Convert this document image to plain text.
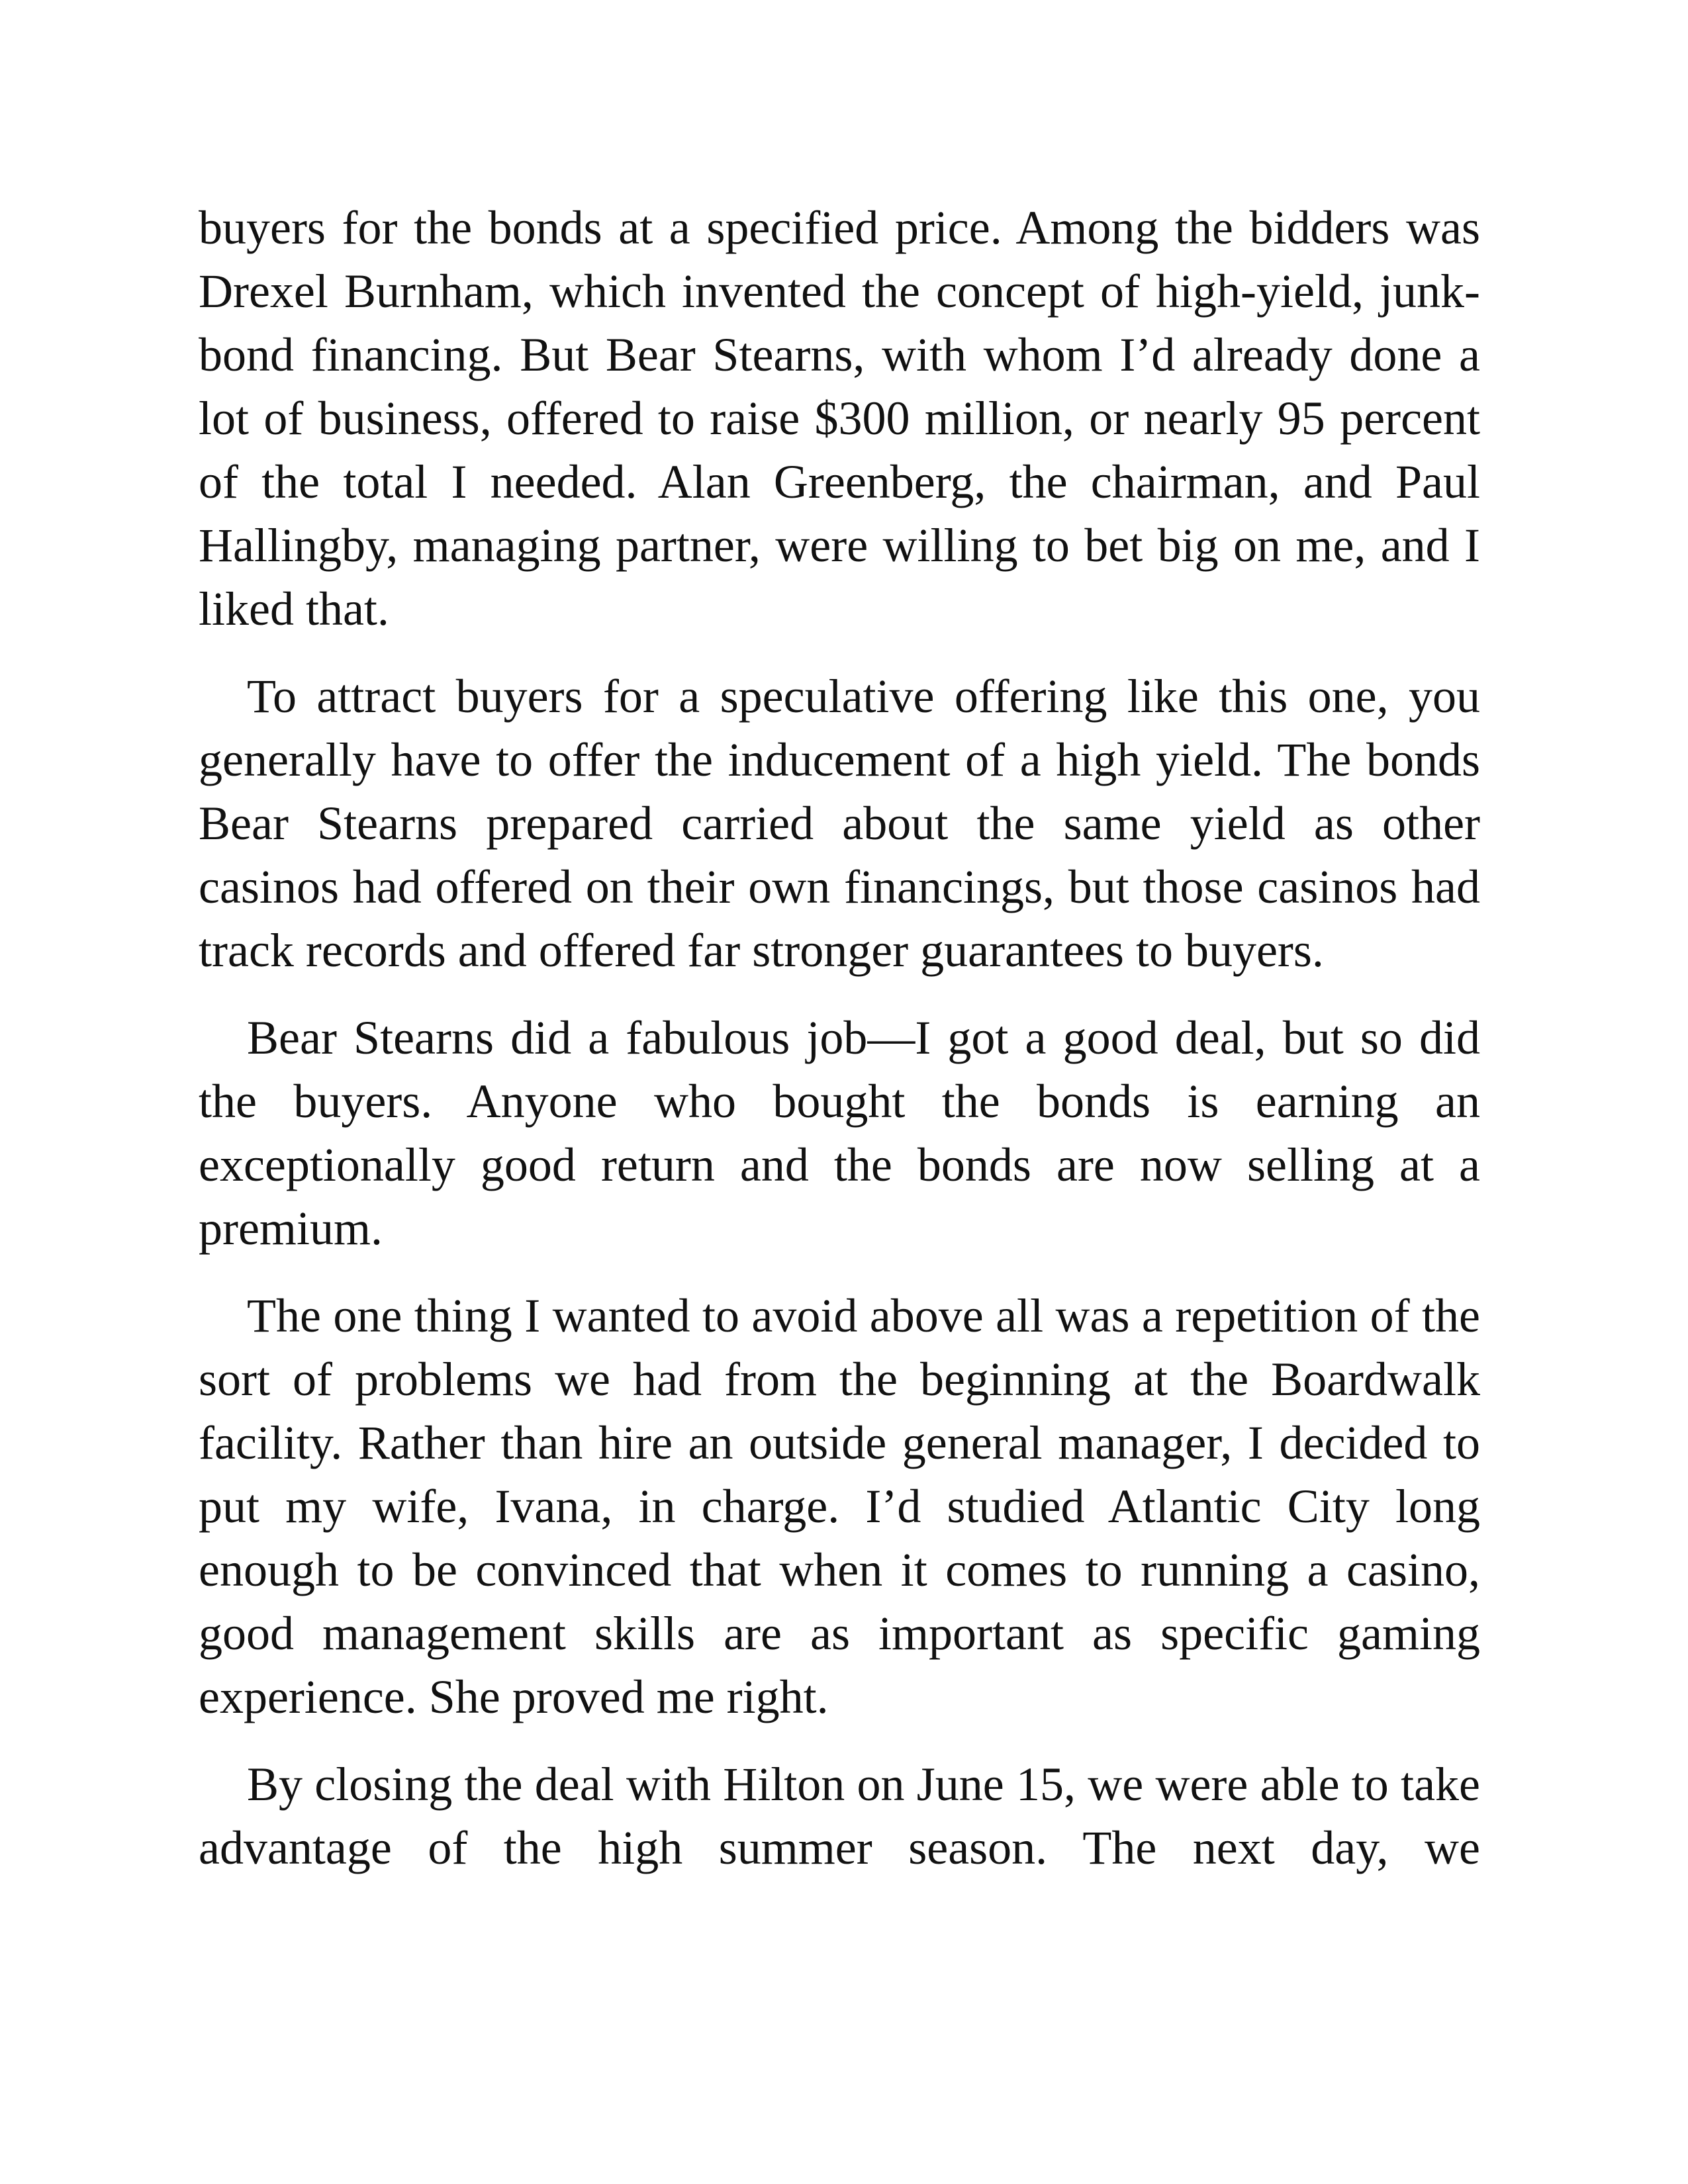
buyers for the bonds at a specified price. Among the bidders was Drexel Burnham, which invented the concept of high-yield, junk-bond financing. But Bear Stearns, with whom I’d already done a lot of business, offered to raise $300 million, or nearly 95 percent of the total I needed. Alan Greenberg, the chairman, and Paul Hallingby, managing partner, were willing to bet big on me, and I liked that.

To attract buyers for a speculative offering like this one, you generally have to offer the inducement of a high yield. The bonds Bear Stearns prepared carried about the same yield as other casinos had offered on their own financings, but those casinos had track records and offered far stronger guarantees to buyers.

Bear Stearns did a fabulous job—I got a good deal, but so did the buyers. Anyone who bought the bonds is earning an exceptionally good return and the bonds are now selling at a premium.

The one thing I wanted to avoid above all was a repetition of the sort of problems we had from the beginning at the Boardwalk facility. Rather than hire an outside general manager, I decided to put my wife, Ivana, in charge. I’d studied Atlantic City long enough to be convinced that when it comes to running a casino, good management skills are as important as specific gaming experience. She proved me right.

By closing the deal with Hilton on June 15, we were able to take advantage of the high summer season. The next day, we
